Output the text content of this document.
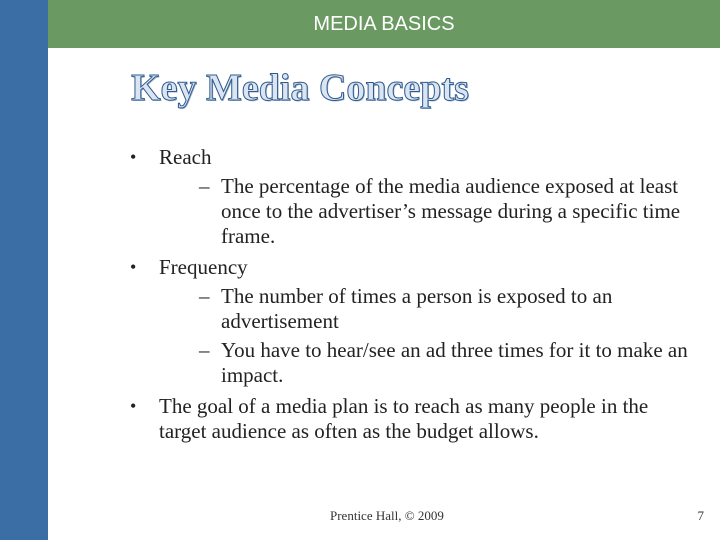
MEDIA BASICS
Key Media Concepts
• Reach
– The percentage of the media audience exposed at least once to the advertiser’s message during a specific time frame.
• Frequency
– The number of times a person is exposed to an advertisement
– You have to hear/see an ad three times for it to make an impact.
• The goal of a media plan is to reach as many people in the target audience as often as the budget allows.
Prentice Hall, © 2009	7
